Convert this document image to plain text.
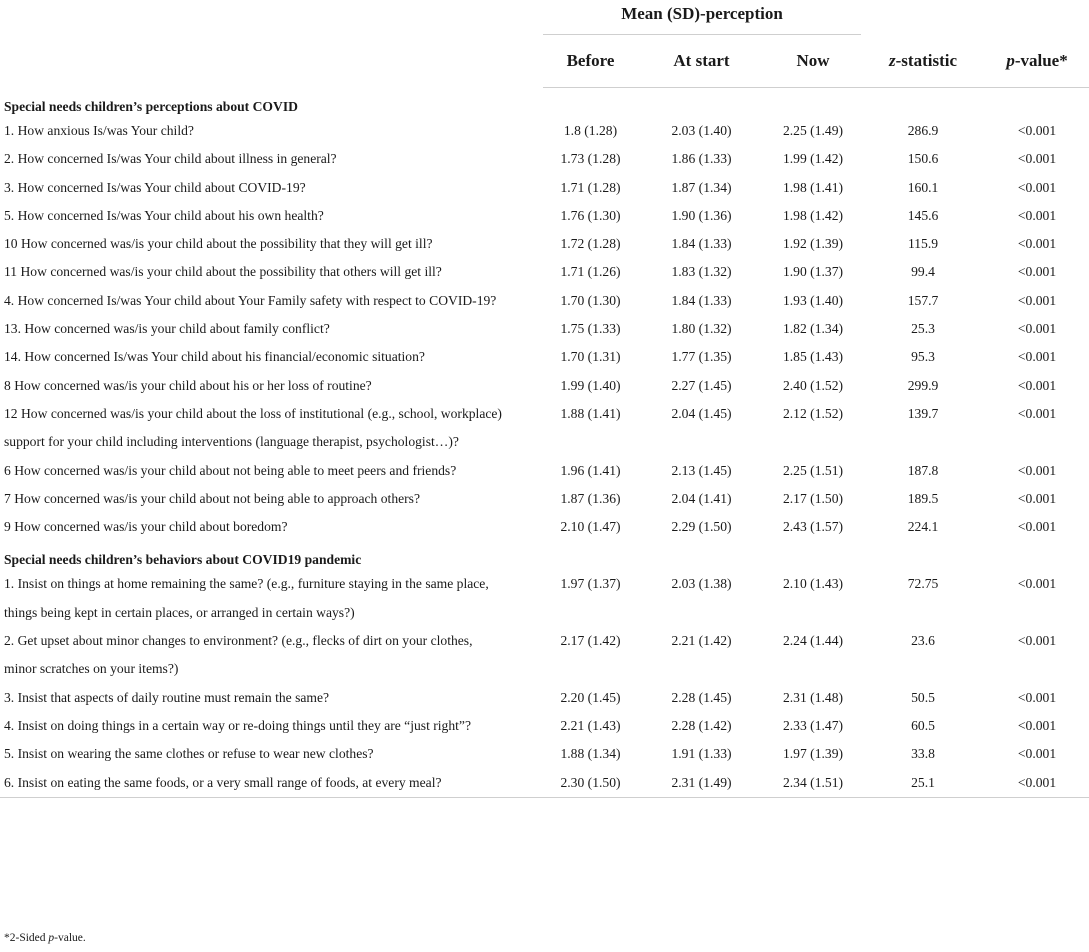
	Mean (SD)-perception				
	Before	At start	Now	z-statistic	p-value*
Special needs children’s perceptions about COVID					
1. How anxious Is/was Your child?	1.8 (1.28)	2.03 (1.40)	2.25 (1.49)	286.9	<0.001
2. How concerned Is/was Your child about illness in general?	1.73 (1.28)	1.86 (1.33)	1.99 (1.42)	150.6	<0.001
3. How concerned Is/was Your child about COVID-19?	1.71 (1.28)	1.87 (1.34)	1.98 (1.41)	160.1	<0.001
5. How concerned Is/was Your child about his own health?	1.76 (1.30)	1.90 (1.36)	1.98 (1.42)	145.6	<0.001
10 How concerned was/is your child about the possibility that they will get ill?	1.72 (1.28)	1.84 (1.33)	1.92 (1.39)	115.9	<0.001
11 How concerned was/is your child about the possibility that others will get ill?	1.71 (1.26)	1.83 (1.32)	1.90 (1.37)	99.4	<0.001
4. How concerned Is/was Your child about Your Family safety with respect to COVID-19?	1.70 (1.30)	1.84 (1.33)	1.93 (1.40)	157.7	<0.001
13. How concerned was/is your child about family conflict?	1.75 (1.33)	1.80 (1.32)	1.82 (1.34)	25.3	<0.001
14. How concerned Is/was Your child about his financial/economic situation?	1.70 (1.31)	1.77 (1.35)	1.85 (1.43)	95.3	<0.001
8 How concerned was/is your child about his or her loss of routine?	1.99 (1.40)	2.27 (1.45)	2.40 (1.52)	299.9	<0.001
12 How concerned was/is your child about the loss of institutional (e.g., school, workplace) support for your child including interventions (language therapist, psychologist…)?	1.88 (1.41)	2.04 (1.45)	2.12 (1.52)	139.7	<0.001
6 How concerned was/is your child about not being able to meet peers and friends?	1.96 (1.41)	2.13 (1.45)	2.25 (1.51)	187.8	<0.001
7 How concerned was/is your child about not being able to approach others?	1.87 (1.36)	2.04 (1.41)	2.17 (1.50)	189.5	<0.001
9 How concerned was/is your child about boredom?	2.10 (1.47)	2.29 (1.50)	2.43 (1.57)	224.1	<0.001
Special needs children’s behaviors about COVID19 pandemic					
1. Insist on things at home remaining the same? (e.g., furniture staying in the same place, things being kept in certain places, or arranged in certain ways?)	1.97 (1.37)	2.03 (1.38)	2.10 (1.43)	72.75	<0.001
2. Get upset about minor changes to environment? (e.g., flecks of dirt on your clothes, minor scratches on your items?)	2.17 (1.42)	2.21 (1.42)	2.24 (1.44)	23.6	<0.001
3. Insist that aspects of daily routine must remain the same?	2.20 (1.45)	2.28 (1.45)	2.31 (1.48)	50.5	<0.001
4. Insist on doing things in a certain way or re-doing things until they are “just right”?	2.21 (1.43)	2.28 (1.42)	2.33 (1.47)	60.5	<0.001
5. Insist on wearing the same clothes or refuse to wear new clothes?	1.88 (1.34)	1.91 (1.33)	1.97 (1.39)	33.8	<0.001
6. Insist on eating the same foods, or a very small range of foods, at every meal?	2.30 (1.50)	2.31 (1.49)	2.34 (1.51)	25.1	<0.001
*2-Sided p-value.
